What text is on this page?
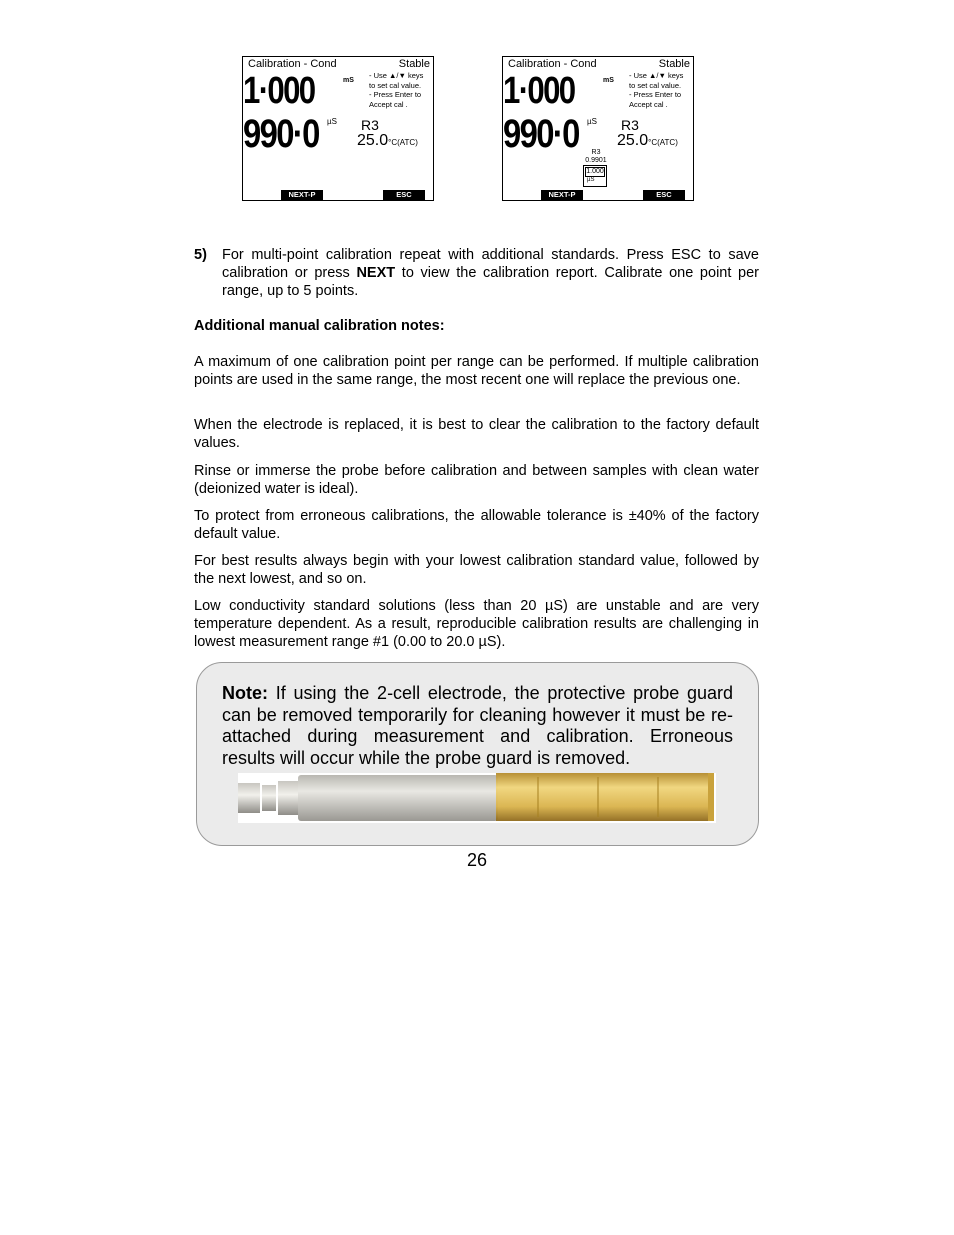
Calibration - Cond	Stable
1·000	mS
- Use ▲/▼ keys
to set cal value.
- Press Enter to
Accept cal .
990·0 µS R3
25.0°C(ATC)
NEXT-P	ESC
Calibration - Cond	Stable
1·000	mS
- Use ▲/▼ keys
to set cal value.
- Press Enter to
Accept cal .
990·0 µS R3
25.0°C(ATC)
R3
0.9901
1.000
µS
NEXT-P	ESC
5) For multi-point calibration repeat with additional standards. Press ESC to save calibration or press NEXT to view the calibration report. Calibrate one point per range, up to 5 points.
Additional manual calibration notes:
A maximum of one calibration point per range can be performed. If multiple calibration points are used in the same range, the most recent one will replace the previous one.
When the electrode is replaced, it is best to clear the calibration to the factory default values.
Rinse or immerse the probe before calibration and between samples with clean water (deionized water is ideal).
To protect from erroneous calibrations, the allowable tolerance is ±40% of the factory default value.
For best results always begin with your lowest calibration standard value, followed by the next lowest, and so on.
Low conductivity standard solutions (less than 20 µS) are unstable and are very temperature dependent. As a result, reproducible calibration results are challenging in lowest measurement range #1 (0.00 to 20.0 µS).
Note: If using the 2-cell electrode, the protective probe guard can be removed temporarily for cleaning however it must be re-attached during measurement and calibration. Erroneous results will occur while the probe guard is removed.
26
